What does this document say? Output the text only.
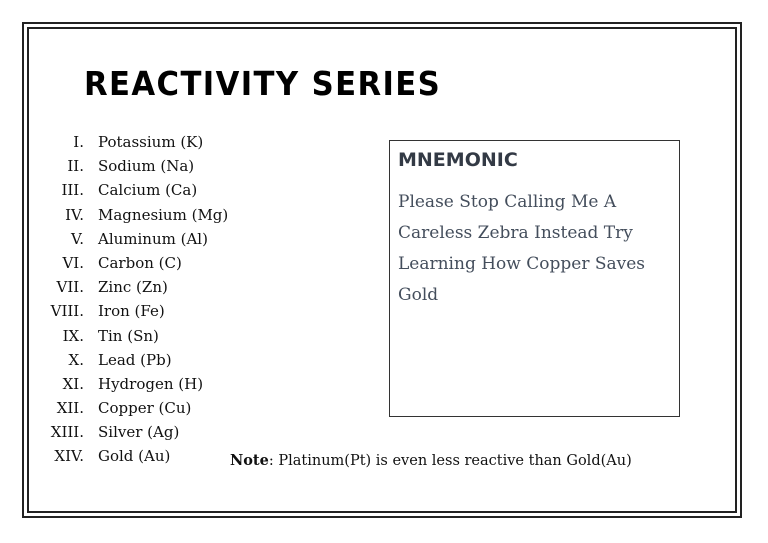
REACTIVITY SERIES
I. Potassium (K)
II. Sodium (Na)
III. Calcium (Ca)
IV. Magnesium (Mg)
V. Aluminum (Al)
VI. Carbon (C)
VII. Zinc (Zn)
VIII. Iron (Fe)
IX. Tin (Sn)
X. Lead (Pb)
XI. Hydrogen (H)
XII. Copper (Cu)
XIII. Silver (Ag)
XIV. Gold (Au)
MNEMONIC

Please Stop Calling Me A Careless Zebra Instead Try Learning How Copper Saves Gold

Note: Platinum(Pt) is even less reactive than Gold(Au)
